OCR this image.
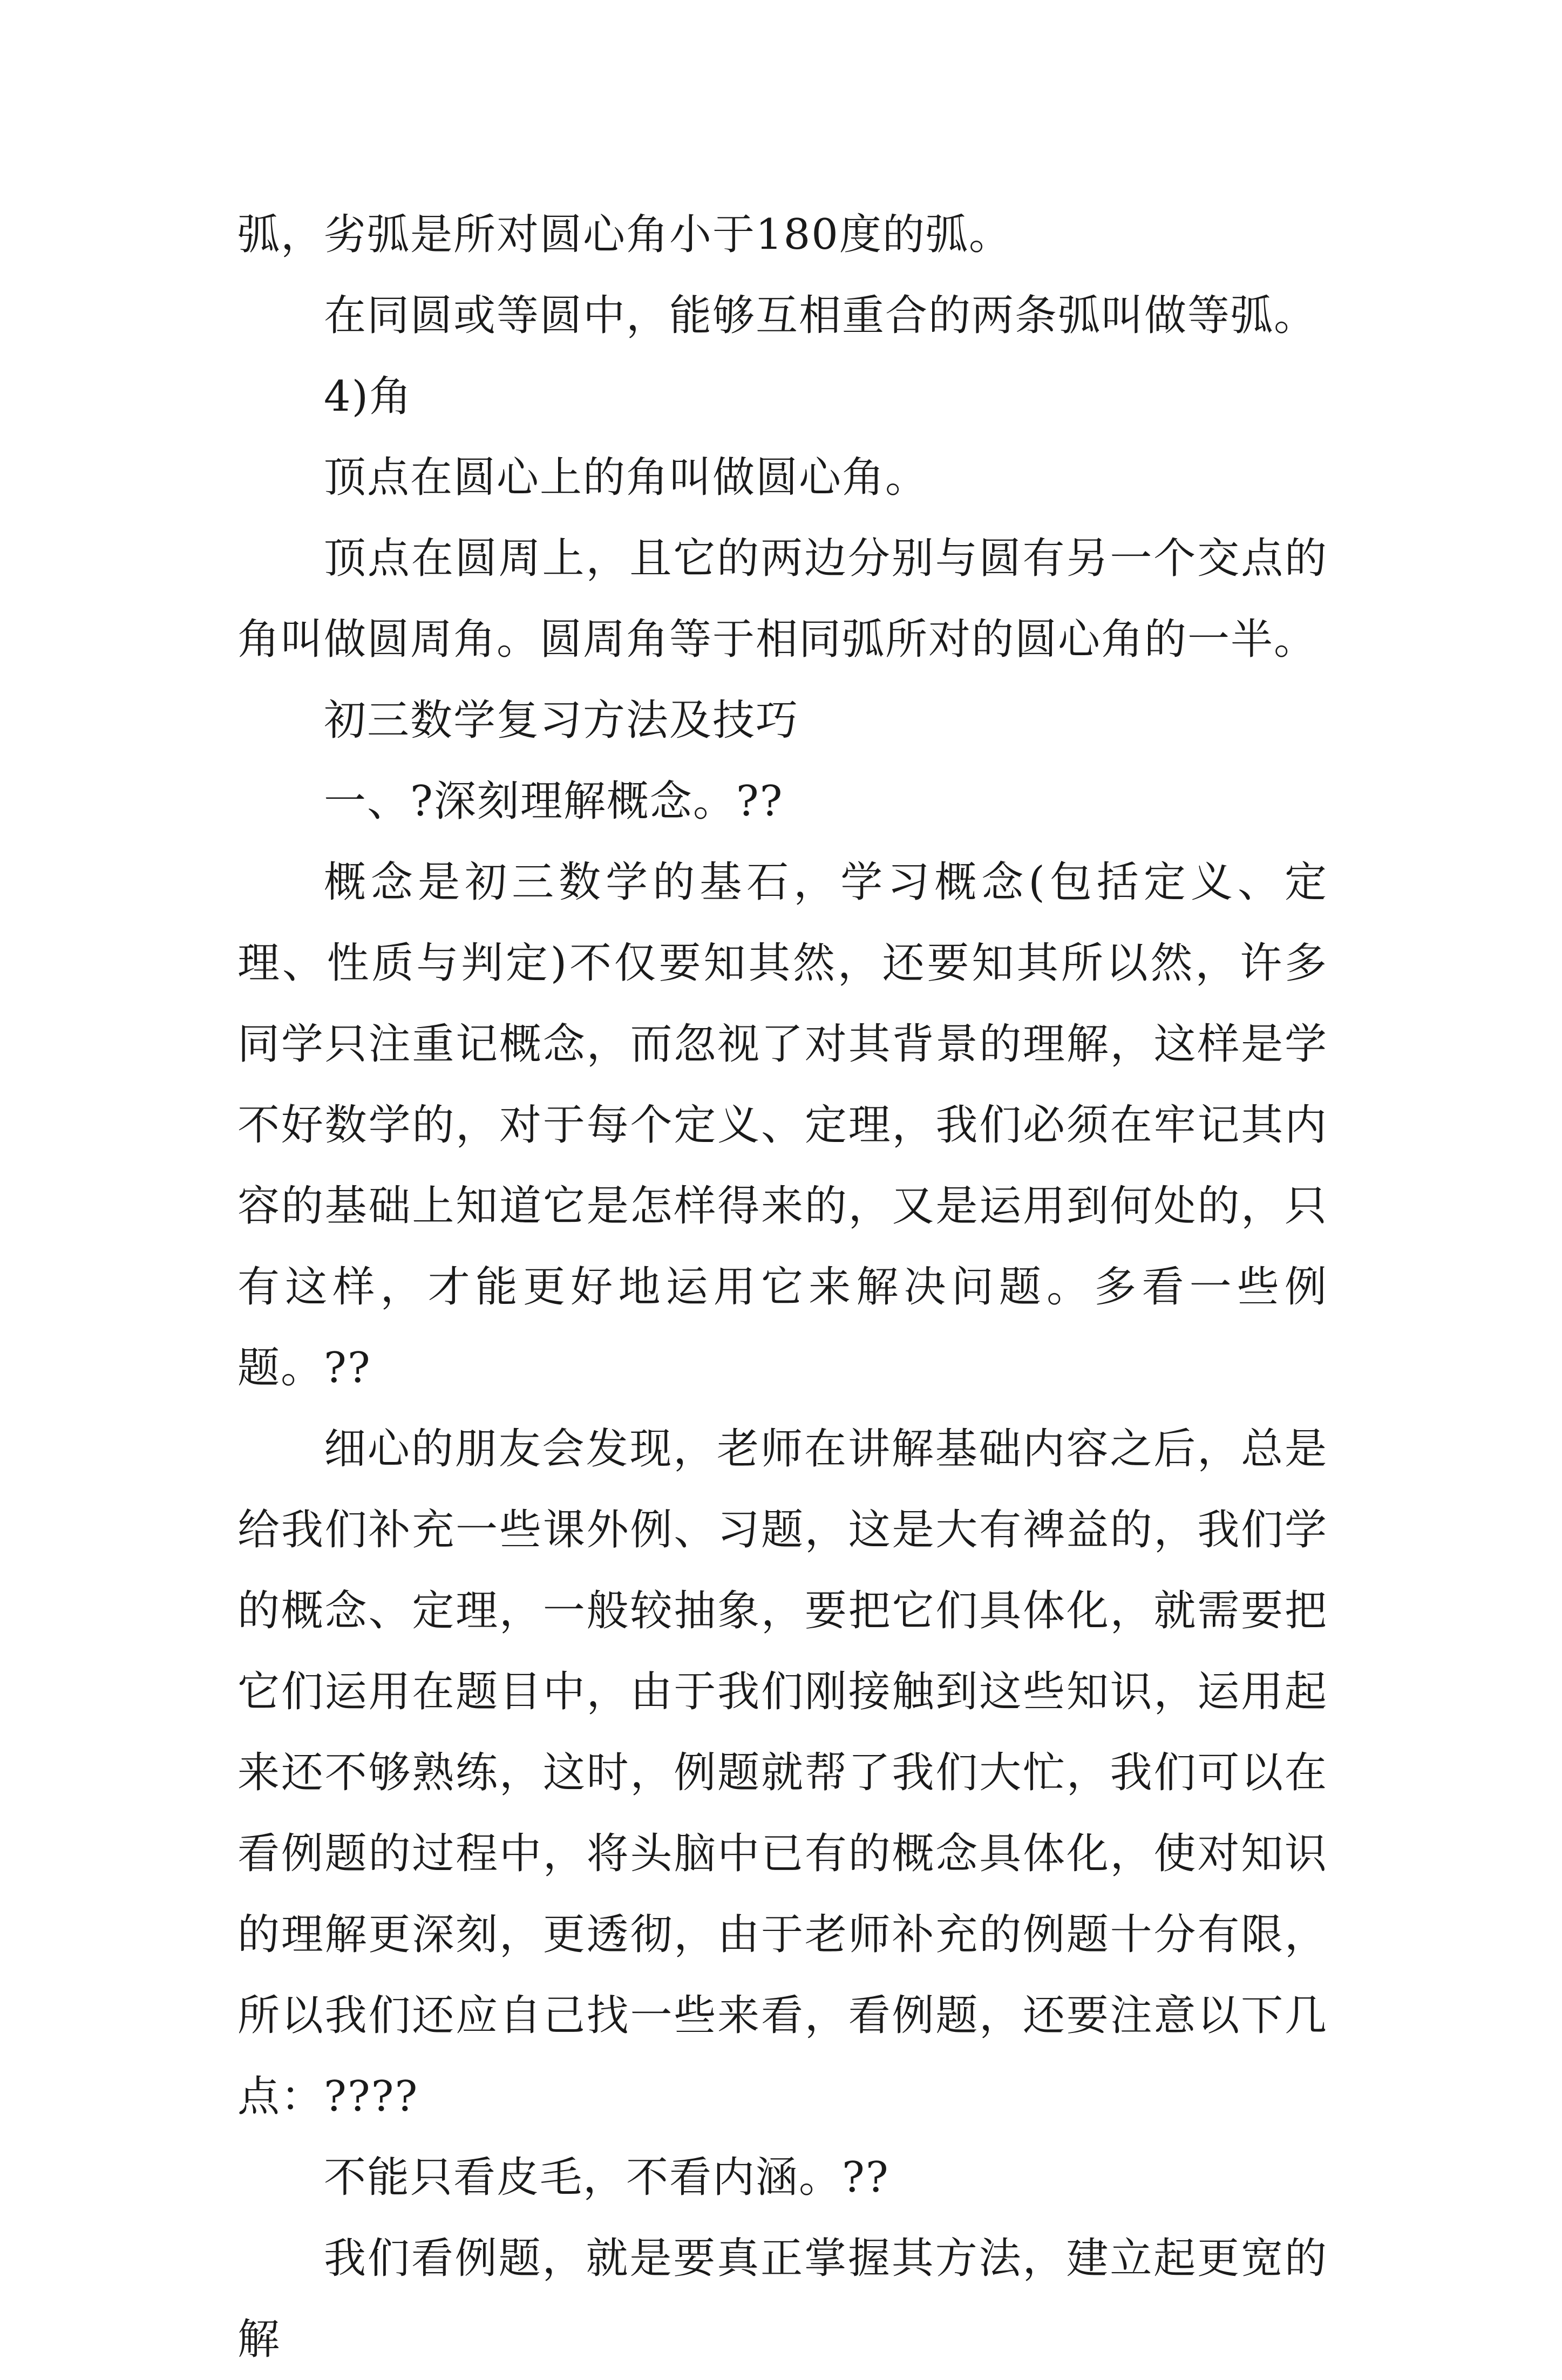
弧，劣弧是所对圆心角小于180度的弧。

在同圆或等圆中，能够互相重合的两条弧叫做等弧。

4)角

顶点在圆心上的角叫做圆心角。

顶点在圆周上，且它的两边分别与圆有另一个交点的角叫做圆周角。圆周角等于相同弧所对的圆心角的一半。

初三数学复习方法及技巧

一、?深刻理解概念。??

概念是初三数学的基石，学习概念(包括定义、定理、性质与判定)不仅要知其然，还要知其所以然，许多同学只注重记概念，而忽视了对其背景的理解，这样是学不好数学的，对于每个定义、定理，我们必须在牢记其内容的基础上知道它是怎样得来的，又是运用到何处的，只有这样，才能更好地运用它来解决问题。多看一些例题。??

细心的朋友会发现，老师在讲解基础内容之后，总是给我们补充一些课外例、习题，这是大有裨益的，我们学的概念、定理，一般较抽象，要把它们具体化，就需要把它们运用在题目中，由于我们刚接触到这些知识，运用起来还不够熟练，这时，例题就帮了我们大忙，我们可以在看例题的过程中，将头脑中已有的概念具体化，使对知识的理解更深刻，更透彻，由于老师补充的例题十分有限，所以我们还应自己找一些来看，看例题，还要注意以下几点：????

不能只看皮毛，不看内涵。??

我们看例题，就是要真正掌握其方法，建立起更宽的解
